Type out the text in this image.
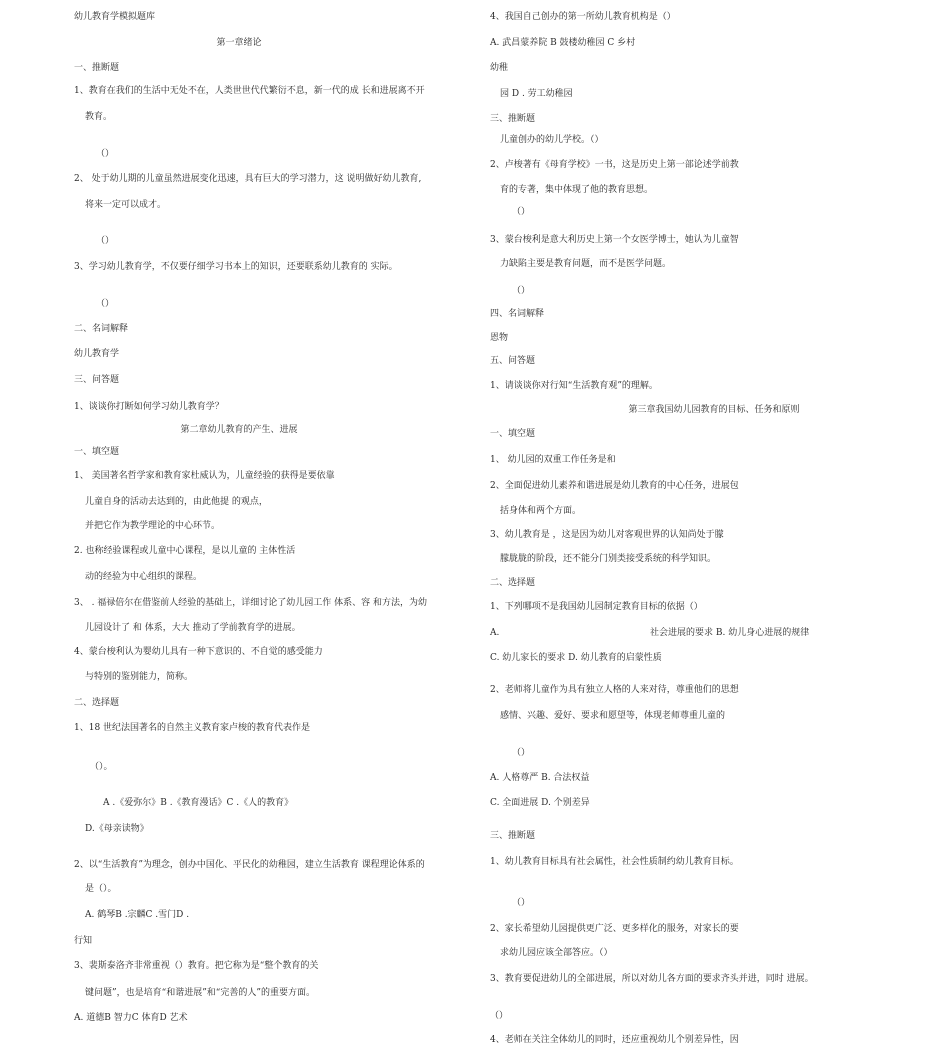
幼儿教育学模拟题库
第一章绪论
一、推断题
1、教育在我们的生活中无处不在，人类世世代代繁衍不息，新一代的成 长和进展离不开
教育。
（）
2、 处于幼儿期的儿童虽然进展变化迅速，具有巨大的学习潜力，这 说明做好幼儿教育,
将来一定可以成才。
（）
3、学习幼儿教育学，不仅要仔细学习书本上的知识，还要联系幼儿教育的 实际。
（）
二、名词解释
幼儿教育学
三、问答题
1、谈谈你打断如何学习幼儿教育学？
第二章幼儿教育的产生、进展
一、填空题
1、 美国著名哲学家和教育家杜威认为，儿童经验的获得是要依靠
儿童自身的活动去达到的，由此他提 的观点，
并把它作为教学理论的中心环节。
2. 也称经验课程或儿童中心课程，是以儿童的 主体性活
动的经验为中心组织的课程。
3、 . 福禄倍尔在借鉴前人经验的基础上，详细讨论了幼儿园工作 体系、容 和方法，为幼
儿园设计了 和 体系，大大 推动了学前教育学的进展。
4、蒙台梭利认为婴幼儿具有一种下意识的、不自觉的感受能力
与特别的鉴别能力，简称。
二、选择题
1、18 世纪法国著名的自然主义教育家卢梭的教育代表作是
（）。
A .《爱弥尔》B .《教育漫话》C .《人的教育》
D.《母亲读物》
2、以“生活教育”为理念，创办中国化、平民化的幼稚园，建立生活教育 课程理论体系的
是（）。
A. 鹤琴B .宗麟C .雪门D .
行知
3、裴斯泰洛齐非常重视（）教育。把它称为是“整个教育的关
键问题”，也是培育“和谐进展”和“完善的人”的重要方面。
A. 道德B 智力C 体育D 艺术
4、我国自己创办的第一所幼儿教育机构是（）
A. 武昌蒙养院 B 鼓楼幼稚园 C 乡村
幼稚
园 D . 劳工幼稚园
三、推断题
儿童创办的幼儿学校。（）
2、卢梭著有《母育学校》一书，这是历史上第一部论述学前教
育的专著，集中体现了他的教育思想。
（）
3、蒙台梭利是意大利历史上第一个女医学博士，她认为儿童智
力缺陷主要是教育问题，而不是医学问题。
（）
四、名词解释
恩物
五、问答题
1、请谈谈你对行知“生活教育观”的理解。
第三章我国幼儿园教育的目标、任务和原则
一、填空题
1、 幼儿园的双重工作任务是和
2、全面促进幼儿素养和谐进展是幼儿教育的中心任务，进展包
括身体和两个方面。
3、幼儿教育是 ，这是因为幼儿对客观世界的认知尚处于朦
朦胧胧的阶段，还不能分门别类接受系统的科学知识。
二、选择题
1、下列哪项不是我国幼儿园制定教育目标的依据（）
A.	社会进展的要求 B. 幼儿身心进展的规律
C. 幼儿家长的要求 D. 幼儿教育的启蒙性质
2、老师将儿童作为具有独立人格的人来对待，尊重他们的思想
感情、兴趣、爱好、要求和愿望等，体现老师尊重儿童的
（）
A. 人格尊严 B. 合法权益
C. 全面进展 D. 个别差异
三、推断题
1、幼儿教育目标具有社会属性，社会性质制约幼儿教育目标。
（）
2、家长希望幼儿园提供更广泛、更多样化的服务，对家长的要
求幼儿园应该全部答应。（）
3、教育要促进幼儿的全部进展，所以对幼儿各方面的要求齐头并进，同时 进展。
（）
4、老师在关注全体幼儿的同时，还应重视幼儿个别差异性，因
